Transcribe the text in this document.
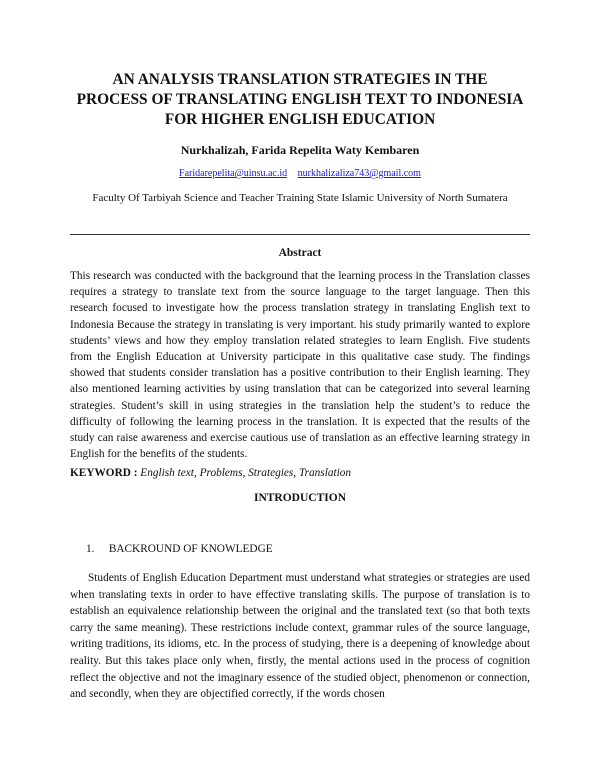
AN ANALYSIS TRANSLATION STRATEGIES IN THE
PROCESS OF TRANSLATING ENGLISH TEXT TO INDONESIA
FOR HIGHER ENGLISH EDUCATION
Nurkhalizah, Farida Repelita Waty Kembaren
Faridarepelita@uinsu.ac.id nurkhalizaliza743@gmail.com
Faculty Of Tarbiyah Science and Teacher Training State Islamic University of North Sumatera
Abstract

This research was conducted with the background that the learning process in the Translation classes requires a strategy to translate text from the source language to the target language. Then this research focused to investigate how the process translation strategy in translating English text to Indonesia Because the strategy in translating is very important. his study primarily wanted to explore students’ views and how they employ translation related strategies to learn English. Five students from the English Education at University participate in this qualitative case study. The findings showed that students consider translation has a positive contribution to their English learning. They also mentioned learning activities by using translation that can be categorized into several learning strategies. Student’s skill in using strategies in the translation help the student’s to reduce the difficulty of following the learning process in the translation. It is expected that the results of the study can raise awareness and exercise cautious use of translation as an effective learning strategy in English for the benefits of the students.

KEYWORD : English text, Problems, Strategies, Translation
INTRODUCTION
1. BACKROUND OF KNOWLEDGE

Students of English Education Department must understand what strategies or strategies are used when translating texts in order to have effective translating skills. The purpose of translation is to establish an equivalence relationship between the original and the translated text (so that both texts carry the same meaning). These restrictions include context, grammar rules of the source language, writing traditions, its idioms, etc. In the process of studying, there is a deepening of knowledge about reality. But this takes place only when, firstly, the mental actions used in the process of cognition reflect the objective and not the imaginary essence of the studied object, phenomenon or connection, and secondly, when they are objectified correctly, if the words chosen
